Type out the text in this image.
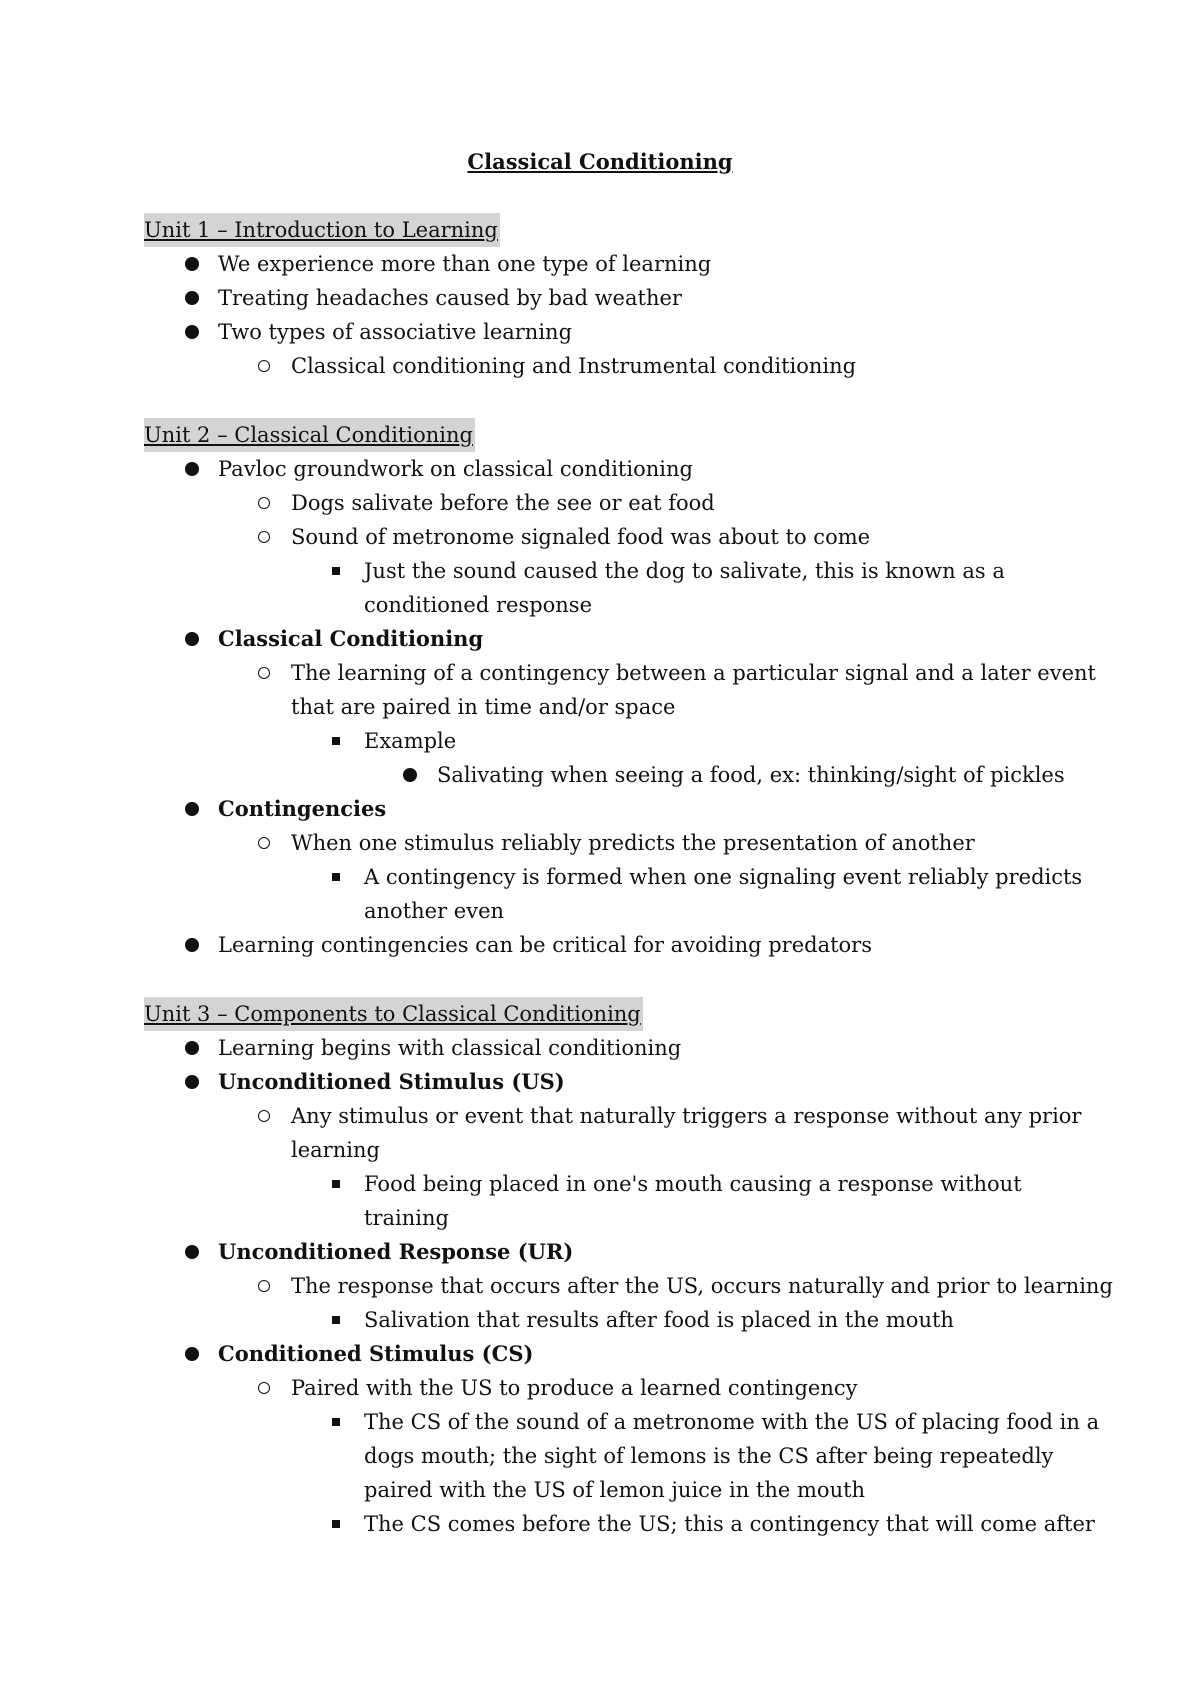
Classical Conditioning
Unit 1 – Introduction to Learning
We experience more than one type of learning
Treating headaches caused by bad weather
Two types of associative learning
Classical conditioning and Instrumental conditioning
Unit 2 – Classical Conditioning
Pavloc groundwork on classical conditioning
Dogs salivate before the see or eat food
Sound of metronome signaled food was about to come
Just the sound caused the dog to salivate, this is known as a
conditioned response
Classical Conditioning
The learning of a contingency between a particular signal and a later event
that are paired in time and/or space
Example
Salivating when seeing a food, ex: thinking/sight of pickles
Contingencies
When one stimulus reliably predicts the presentation of another
A contingency is formed when one signaling event reliably predicts
another even
Learning contingencies can be critical for avoiding predators
Unit 3 – Components to Classical Conditioning
Learning begins with classical conditioning
Unconditioned Stimulus (US)
Any stimulus or event that naturally triggers a response without any prior
learning
Food being placed in one's mouth causing a response without
training
Unconditioned Response (UR)
The response that occurs after the US, occurs naturally and prior to learning
Salivation that results after food is placed in the mouth
Conditioned Stimulus (CS)
Paired with the US to produce a learned contingency
The CS of the sound of a metronome with the US of placing food in a
dogs mouth; the sight of lemons is the CS after being repeatedly
paired with the US of lemon juice in the mouth
The CS comes before the US; this a contingency that will come after
